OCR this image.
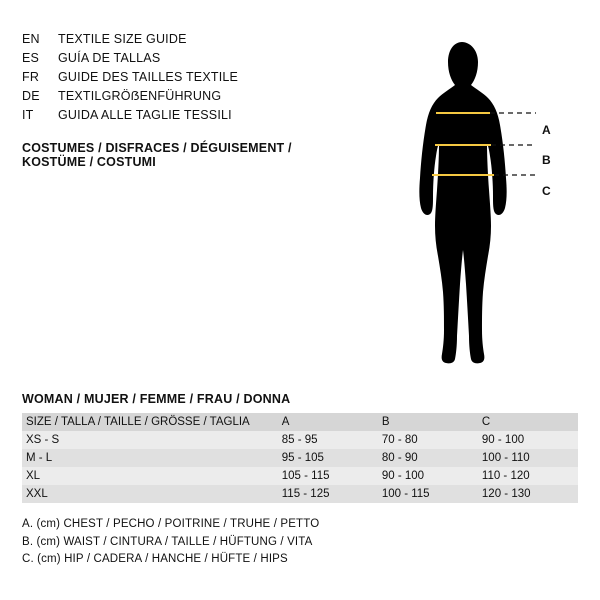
EN	TEXTILE SIZE GUIDE
ES	GUÍA DE TALLAS
FR	GUIDE DES TAILLES TEXTILE
DE	TEXTILGRÖẞENFÜHRUNG
IT	GUIDA ALLE TAGLIE TESSILI
COSTUMES / DISFRACES / DÉGUISEMENT / KOSTÜME / COSTUMI
A
B
C
WOMAN / MUJER / FEMME / FRAU / DONNA
SIZE / TALLA / TAILLE / GRÖSSE / TAGLIA	A	B	C
XS - S	85 - 95	70 - 80	90 - 100
M - L	95 - 105	80 - 90	100 - 110
XL	105 - 115	90 - 100	110 - 120
XXL	115 - 125	100 - 115	120 - 130
A. (cm) CHEST / PECHO / POITRINE / TRUHE / PETTO
B. (cm) WAIST / CINTURA / TAILLE / HÜFTUNG / VITA
C. (cm) HIP / CADERA / HANCHE / HÜFTE / HIPS
